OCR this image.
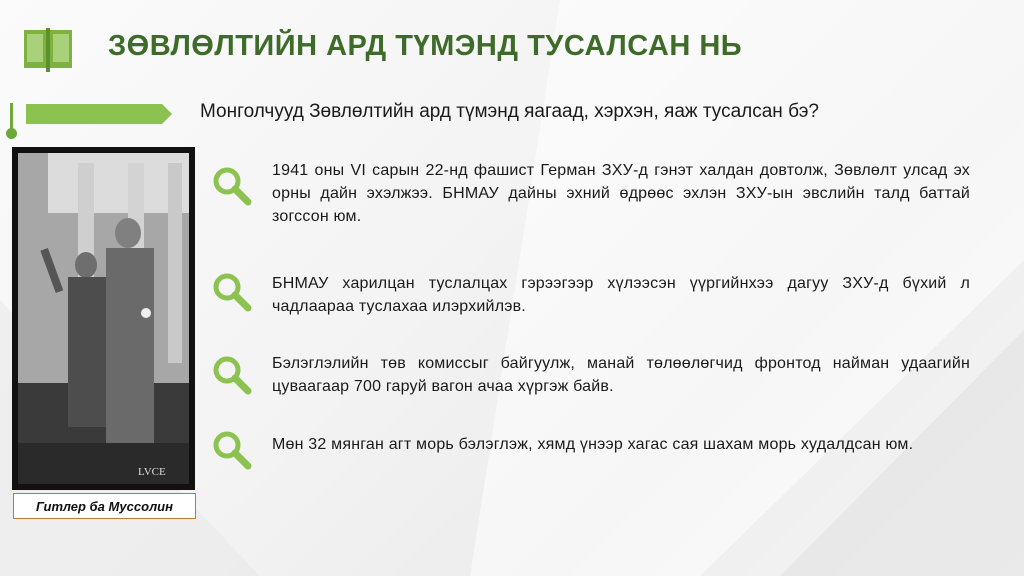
ЗӨВЛӨЛТИЙН АРД ТҮМЭНД ТУСАЛСАН НЬ
Монголчууд Зөвлөлтийн ард түмэнд яагаад, хэрхэн, яаж тусалсан бэ?
LVCE
Гитлер ба Муссолин
1941 оны VI сарын 22-нд фашист Герман ЗХУ-д гэнэт халдан довтолж, Зөвлөлт улсад эх орны дайн эхэлжээ. БНМАУ дайны эхний өдрөөс эхлэн ЗХУ-ын эвслийн талд баттай зогссон юм.
БНМАУ харилцан туслалцах гэрээгээр хүлээсэн үүргийнхээ дагуу ЗХУ-д бүхий л чадлаараа туслахаа илэрхийлэв.
Бэлэглэлийн төв комиссыг байгуулж, манай төлөөлөгчид фронтод найман удаагийн цуваагаар 700 гаруй вагон ачаа хүргэж байв.
Мөн 32 мянган агт морь бэлэглэж, хямд үнээр хагас сая шахам морь худалдсан юм.
